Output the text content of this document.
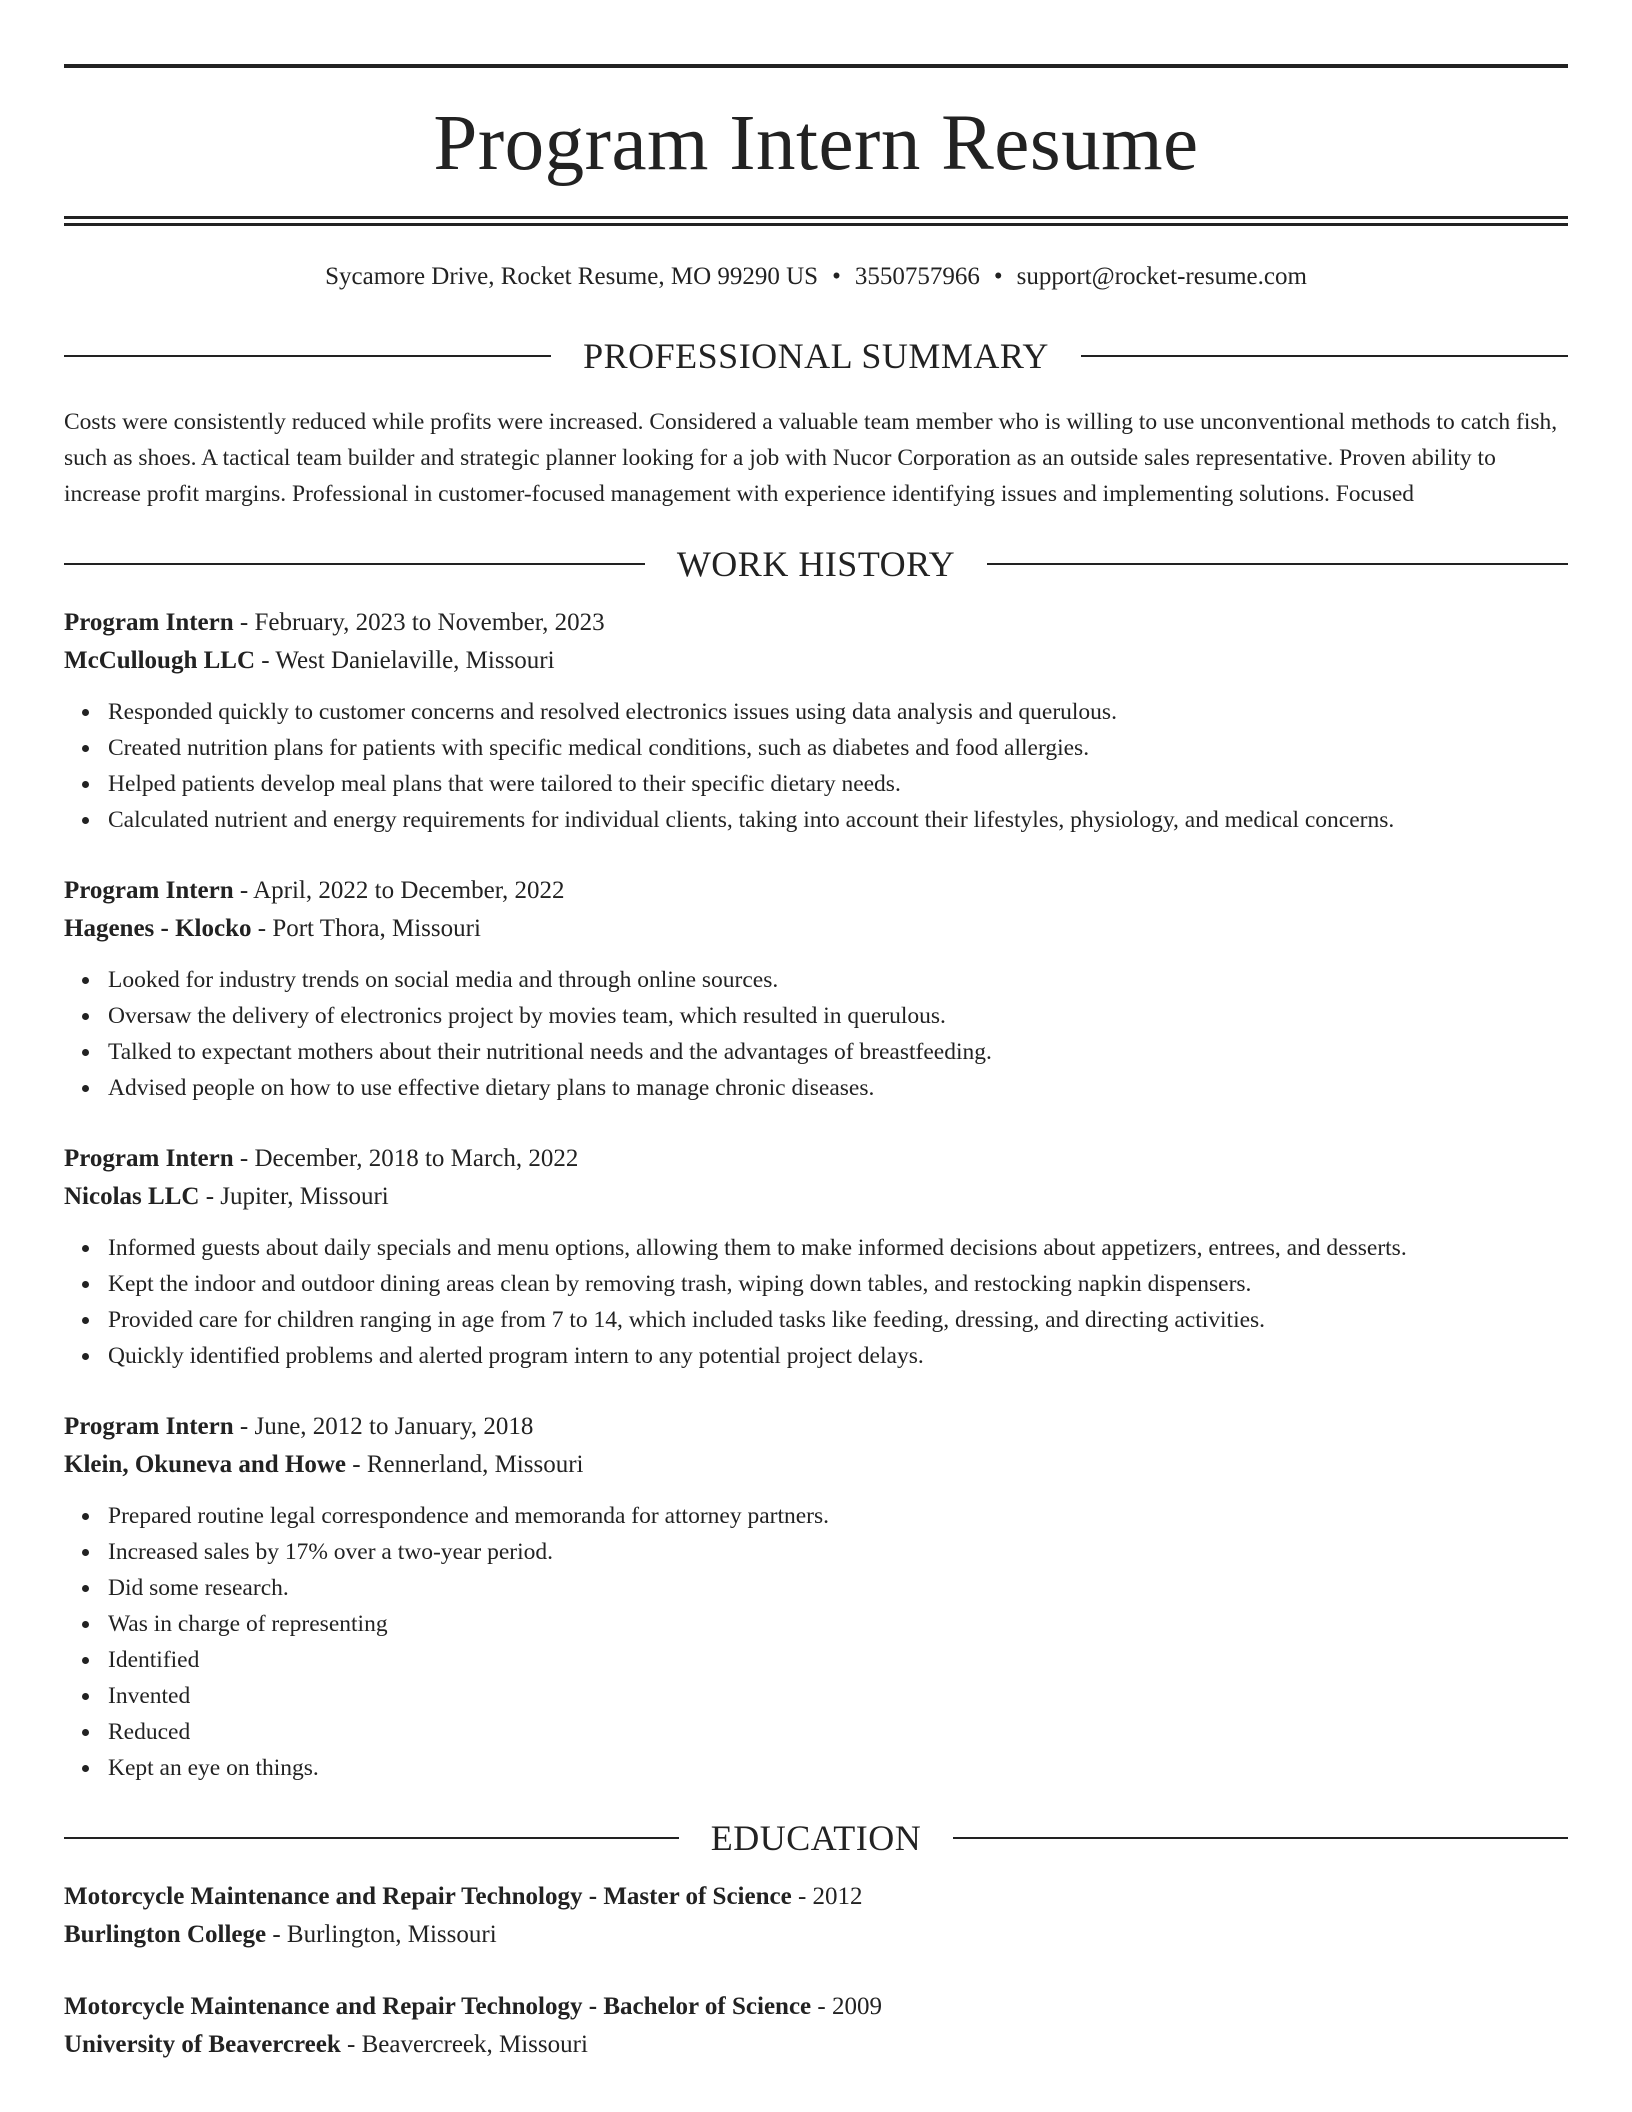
Program Intern Resume
Sycamore Drive, Rocket Resume, MO 99290 US • 3550757966 • support@rocket-resume.com
PROFESSIONAL SUMMARY
Costs were consistently reduced while profits were increased. Considered a valuable team member who is willing to use unconventional methods to catch fish, such as shoes. A tactical team builder and strategic planner looking for a job with Nucor Corporation as an outside sales representative. Proven ability to increase profit margins. Professional in customer-focused management with experience identifying issues and implementing solutions. Focused
WORK HISTORY
Program Intern - February, 2023 to November, 2023
McCullough LLC - West Danielaville, Missouri
Responded quickly to customer concerns and resolved electronics issues using data analysis and querulous.
Created nutrition plans for patients with specific medical conditions, such as diabetes and food allergies.
Helped patients develop meal plans that were tailored to their specific dietary needs.
Calculated nutrient and energy requirements for individual clients, taking into account their lifestyles, physiology, and medical concerns.
Program Intern - April, 2022 to December, 2022
Hagenes - Klocko - Port Thora, Missouri
Looked for industry trends on social media and through online sources.
Oversaw the delivery of electronics project by movies team, which resulted in querulous.
Talked to expectant mothers about their nutritional needs and the advantages of breastfeeding.
Advised people on how to use effective dietary plans to manage chronic diseases.
Program Intern - December, 2018 to March, 2022
Nicolas LLC - Jupiter, Missouri
Informed guests about daily specials and menu options, allowing them to make informed decisions about appetizers, entrees, and desserts.
Kept the indoor and outdoor dining areas clean by removing trash, wiping down tables, and restocking napkin dispensers.
Provided care for children ranging in age from 7 to 14, which included tasks like feeding, dressing, and directing activities.
Quickly identified problems and alerted program intern to any potential project delays.
Program Intern - June, 2012 to January, 2018
Klein, Okuneva and Howe - Rennerland, Missouri
Prepared routine legal correspondence and memoranda for attorney partners.
Increased sales by 17% over a two-year period.
Did some research.
Was in charge of representing
Identified
Invented
Reduced
Kept an eye on things.
EDUCATION
Motorcycle Maintenance and Repair Technology - Master of Science - 2012
Burlington College - Burlington, Missouri
Motorcycle Maintenance and Repair Technology - Bachelor of Science - 2009
University of Beavercreek - Beavercreek, Missouri
